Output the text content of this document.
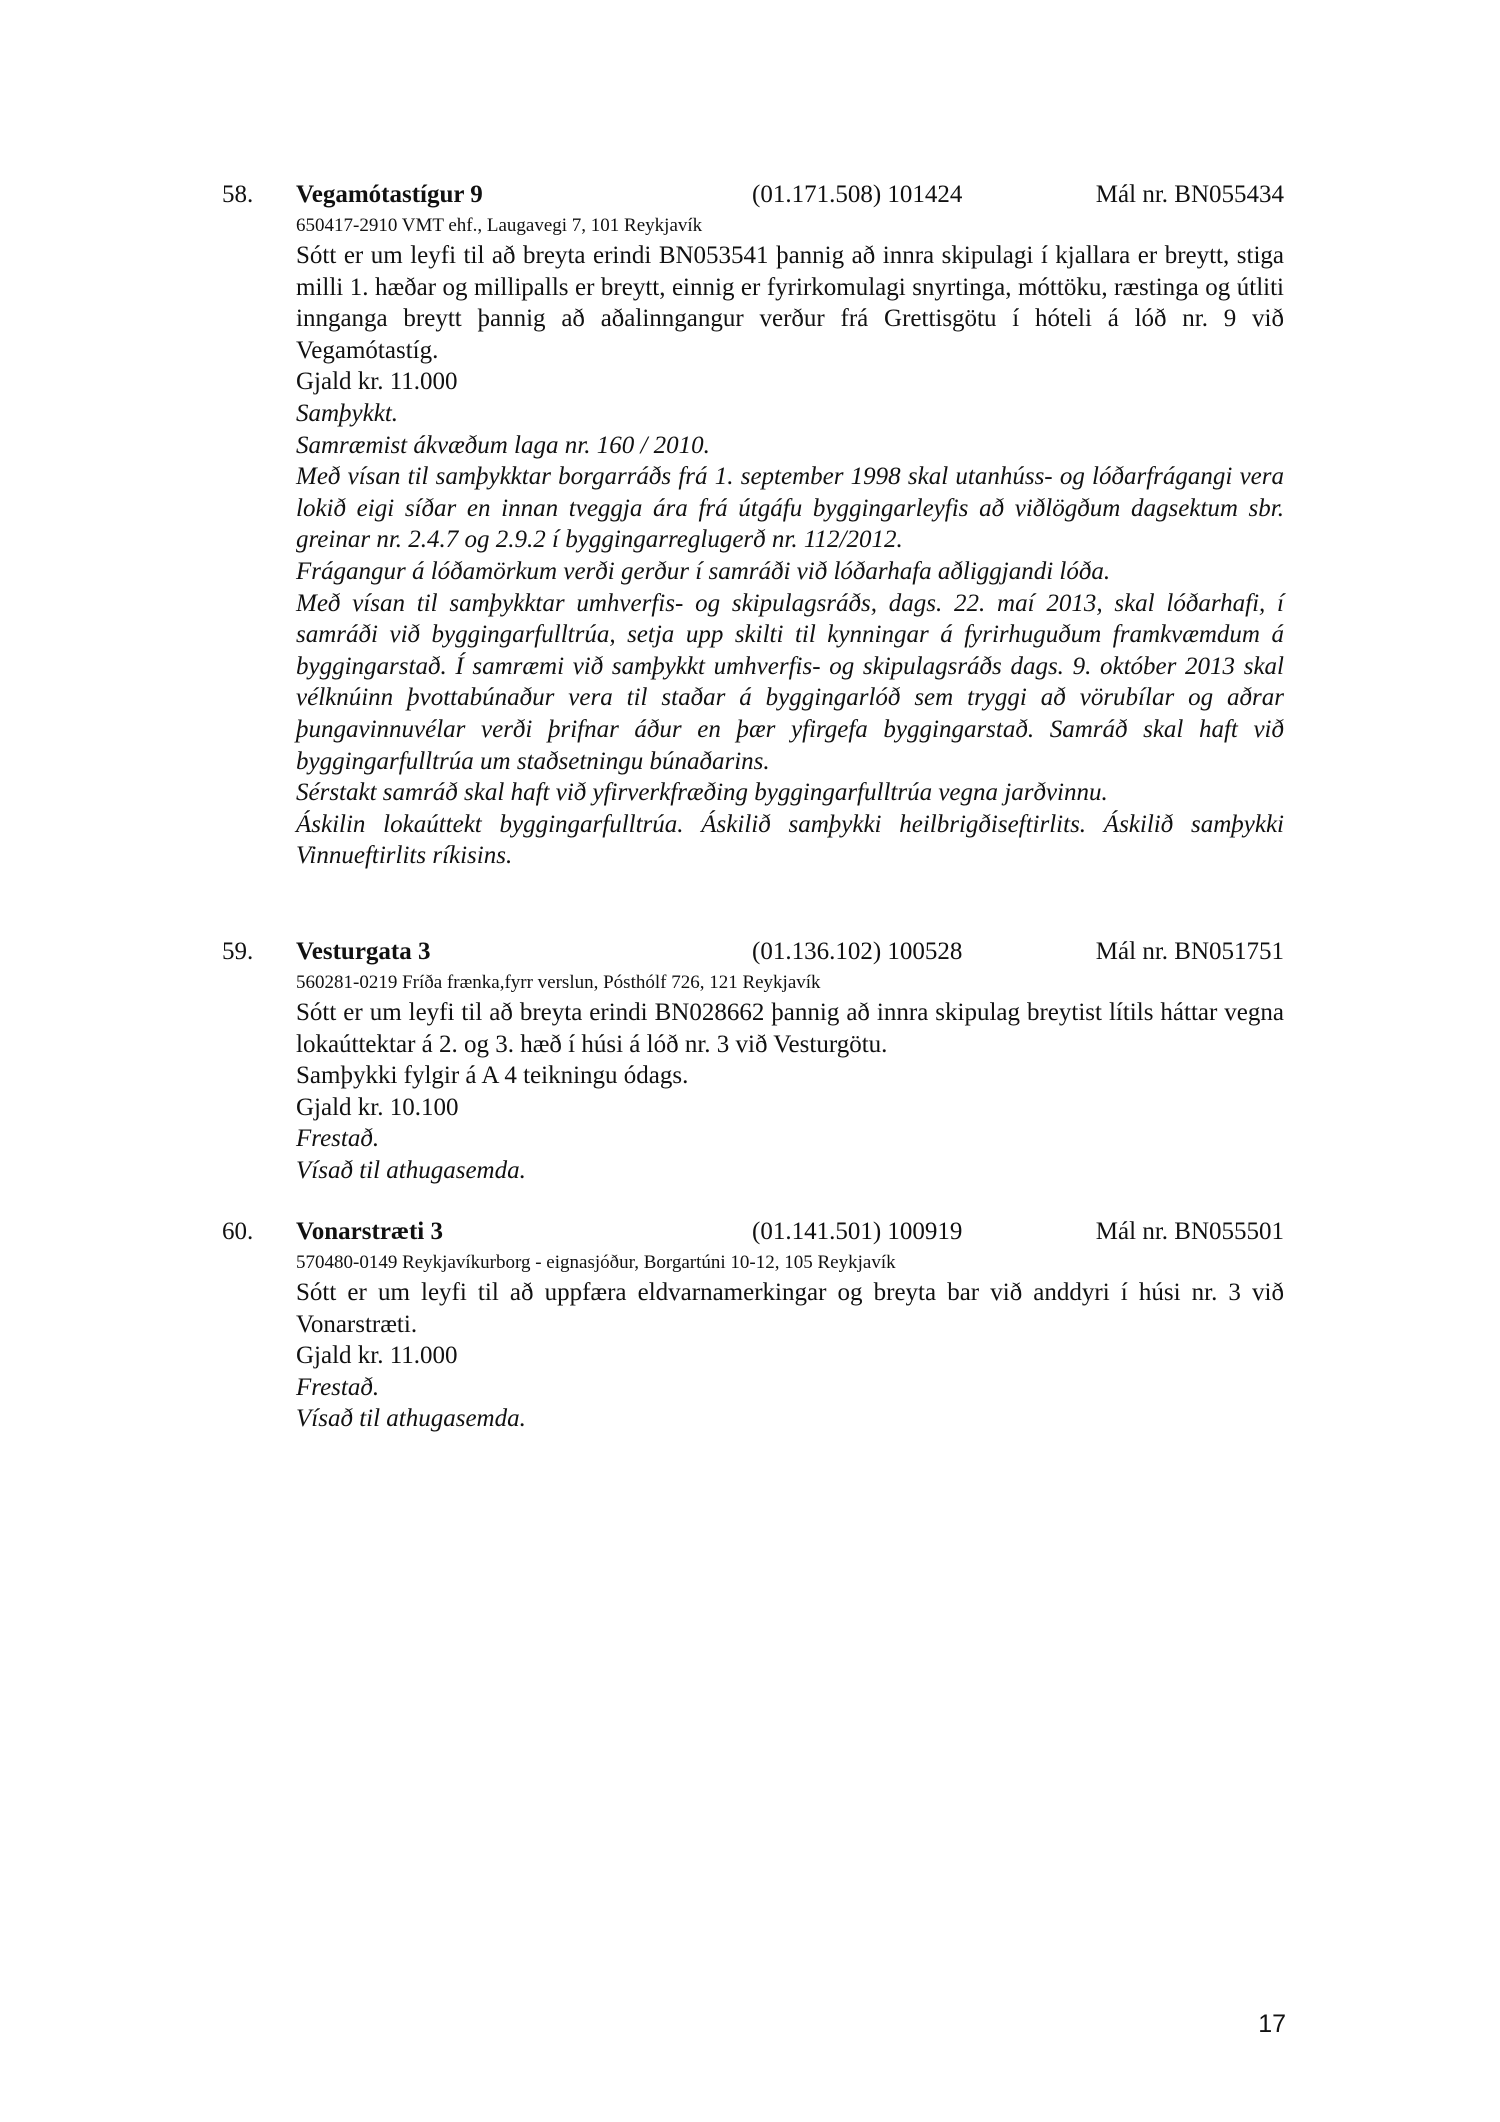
58. Vegamótastígur 9	(01.171.508) 101424	Mál nr. BN055434
650417-2910 VMT ehf., Laugavegi 7, 101 Reykjavík

Sótt er um leyfi til að breyta erindi BN053541 þannig að innra skipulagi í kjallara er breytt, stiga milli 1. hæðar og millipalls er breytt, einnig er fyrirkomulagi snyrtinga, móttöku, ræstinga og útliti innganga breytt þannig að aðalinngangur verður frá Grettisgötu í hóteli á lóð nr. 9 við Vegamótastíg.

Gjald kr. 11.000

Samþykkt.

Samræmist ákvæðum laga nr. 160 / 2010.

Með vísan til samþykktar borgarráðs frá 1. september 1998 skal utanhúss- og lóðarfrágangi vera lokið eigi síðar en innan tveggja ára frá útgáfu byggingarleyfis að viðlögðum dagsektum sbr. greinar nr. 2.4.7 og 2.9.2 í byggingarreglugerð nr. 112/2012.

Frágangur á lóðamörkum verði gerður í samráði við lóðarhafa aðliggjandi lóða.

Með vísan til samþykktar umhverfis- og skipulagsráðs, dags. 22. maí 2013, skal lóðarhafi, í samráði við byggingarfulltrúa, setja upp skilti til kynningar á fyrirhuguðum framkvæmdum á byggingarstað. Í samræmi við samþykkt umhverfis- og skipulagsráðs dags. 9. október 2013 skal vélknúinn þvottabúnaður vera til staðar á byggingarlóð sem tryggi að vörubílar og aðrar þungavinnuvélar verði þrifnar áður en þær yfirgefa byggingarstað. Samráð skal haft við byggingarfulltrúa um staðsetningu búnaðarins.

Sérstakt samráð skal haft við yfirverkfræðing byggingarfulltrúa vegna jarðvinnu.

Áskilin lokaúttekt byggingarfulltrúa. Áskilið samþykki heilbrigðiseftirlits. Áskilið samþykki Vinnueftirlits ríkisins.

59. Vesturgata 3	(01.136.102) 100528	Mál nr. BN051751
560281-0219 Fríða frænka,fyrr verslun, Pósthólf 726, 121 Reykjavík

Sótt er um leyfi til að breyta erindi BN028662 þannig að innra skipulag breytist lítils háttar vegna lokaúttektar á 2. og 3. hæð í húsi á lóð nr. 3 við Vesturgötu.

Samþykki fylgir á A 4 teikningu ódags.

Gjald kr. 10.100

Frestað.

Vísað til athugasemda.

60. Vonarstræti 3	(01.141.501) 100919	Mál nr. BN055501
570480-0149 Reykjavíkurborg - eignasjóður, Borgartúni 10-12, 105 Reykjavík

Sótt er um leyfi til að uppfæra eldvarnamerkingar og breyta bar við anddyri í húsi nr. 3 við Vonarstræti.

Gjald kr. 11.000

Frestað.

Vísað til athugasemda.

17
